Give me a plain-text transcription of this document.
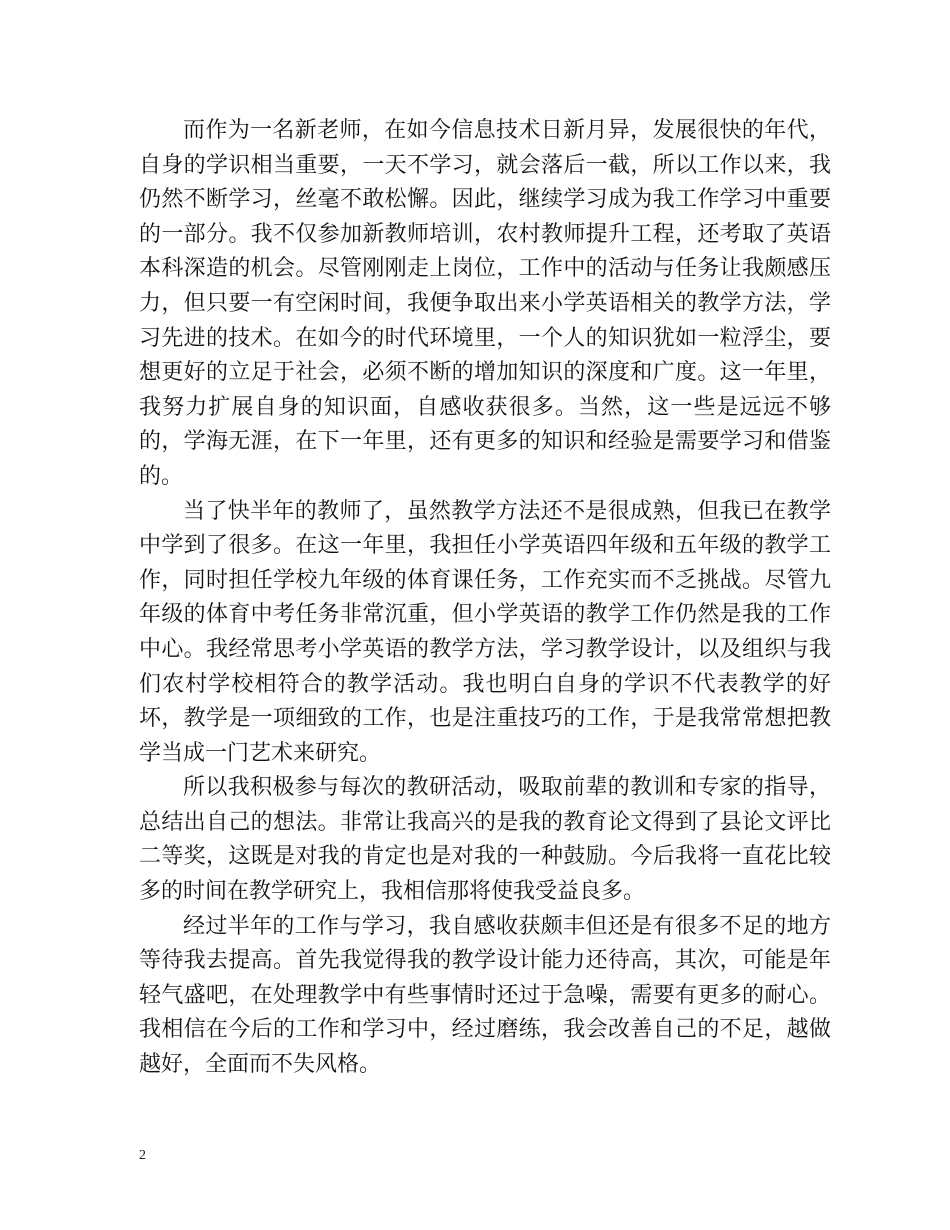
而作为一名新老师，在如今信息技术日新月异，发展很快的年代，自身的学识相当重要，一天不学习，就会落后一截，所以工作以来，我仍然不断学习，丝毫不敢松懈。因此，继续学习成为我工作学习中重要的一部分。我不仅参加新教师培训，农村教师提升工程，还考取了英语本科深造的机会。尽管刚刚走上岗位，工作中的活动与任务让我颇感压力，但只要一有空闲时间，我便争取出来小学英语相关的教学方法，学习先进的技术。在如今的时代环境里，一个人的知识犹如一粒浮尘，要想更好的立足于社会，必须不断的增加知识的深度和广度。这一年里，我努力扩展自身的知识面，自感收获很多。当然，这一些是远远不够的，学海无涯，在下一年里，还有更多的知识和经验是需要学习和借鉴的。

当了快半年的教师了，虽然教学方法还不是很成熟，但我已在教学中学到了很多。在这一年里，我担任小学英语四年级和五年级的教学工作，同时担任学校九年级的体育课任务，工作充实而不乏挑战。尽管九年级的体育中考任务非常沉重，但小学英语的教学工作仍然是我的工作中心。我经常思考小学英语的教学方法，学习教学设计，以及组织与我们农村学校相符合的教学活动。我也明白自身的学识不代表教学的好坏，教学是一项细致的工作，也是注重技巧的工作，于是我常常想把教学当成一门艺术来研究。

所以我积极参与每次的教研活动，吸取前辈的教训和专家的指导，总结出自己的想法。非常让我高兴的是我的教育论文得到了县论文评比二等奖，这既是对我的肯定也是对我的一种鼓励。今后我将一直花比较多的时间在教学研究上，我相信那将使我受益良多。

经过半年的工作与学习，我自感收获颇丰但还是有很多不足的地方等待我去提高。首先我觉得我的教学设计能力还待高，其次，可能是年轻气盛吧，在处理教学中有些事情时还过于急噪，需要有更多的耐心。我相信在今后的工作和学习中，经过磨练，我会改善自己的不足，越做越好，全面而不失风格。

2
